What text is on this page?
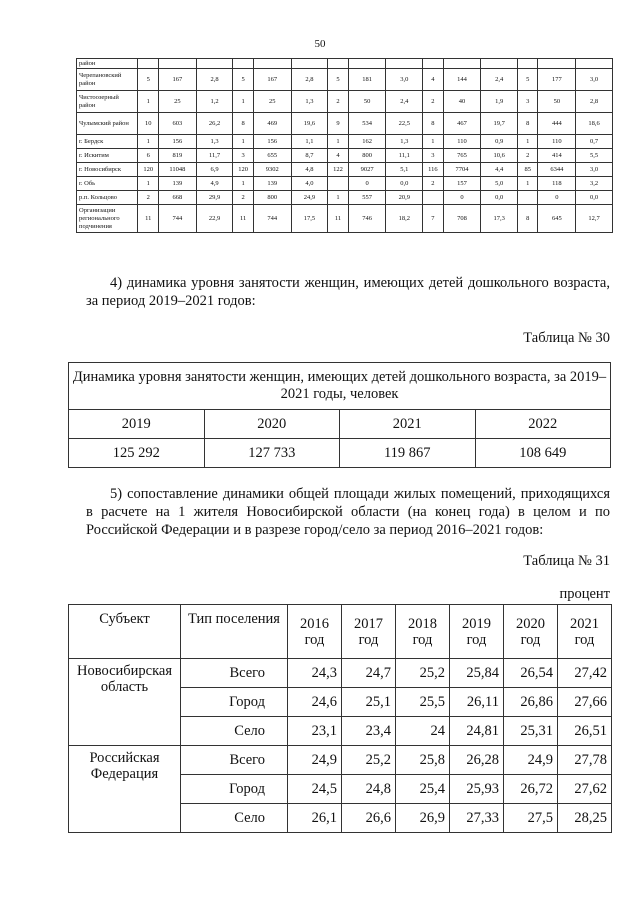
50
район															
Черепановский район	5	167	2,8	5	167	2,8	5	181	3,0	4	144	2,4	5	177	3,0
Чистоозерный район	1	25	1,2	1	25	1,3	2	50	2,4	2	40	1,9	3	50	2,8
Чулымский район	10	603	26,2	8	469	19,6	9	534	22,5	8	467	19,7	8	444	18,6
г. Бердск	1	156	1,3	1	156	1,1	1	162	1,3	1	110	0,9	1	110	0,7
г. Искитим	6	819	11,7	3	655	8,7	4	800	11,1	3	765	10,6	2	414	5,5
г. Новосибирск	120	11048	6,9	120	9302	4,8	122	9027	5,1	116	7704	4,4	85	6344	3,0
г. Обь	1	139	4,9	1	139	4,0		0	0,0	2	157	5,0	1	118	3,2
р.п. Кольцово	2	668	29,9	2	800	24,9	1	557	20,9		0	0,0		0	0,0
Организации регионального подчинения	11	744	22,9	11	744	17,5	11	746	18,2	7	708	17,3	8	645	12,7
4) динамика уровня занятости женщин, имеющих детей дошкольного возраста, за период 2019–2021 годов:
Таблица № 30
Динамика уровня занятости женщин, имеющих детей дошкольного возраста, за 2019–2021 годы, человек			
2019	2020	2021	2022
125 292	127 733	119 867	108 649
5) сопоставление динамики общей площади жилых помещений, приходящихся в расчете на 1 жителя Новосибирской области (на конец года) в целом и по Российской Федерации и в разрезе город/село за период 2016–2021 годов:
Таблица № 31
процент
Субъект	Тип поселения	2016 год	2017 год	2018 год	2019 год	2020 год	2021 год
Новосибирская область	Всего	24,3	24,7	25,2	25,84	26,54	27,42
	Город	24,6	25,1	25,5	26,11	26,86	27,66
	Село	23,1	23,4	24	24,81	25,31	26,51
Российская Федерация	Всего	24,9	25,2	25,8	26,28	24,9	27,78
	Город	24,5	24,8	25,4	25,93	26,72	27,62
	Село	26,1	26,6	26,9	27,33	27,5	28,25
